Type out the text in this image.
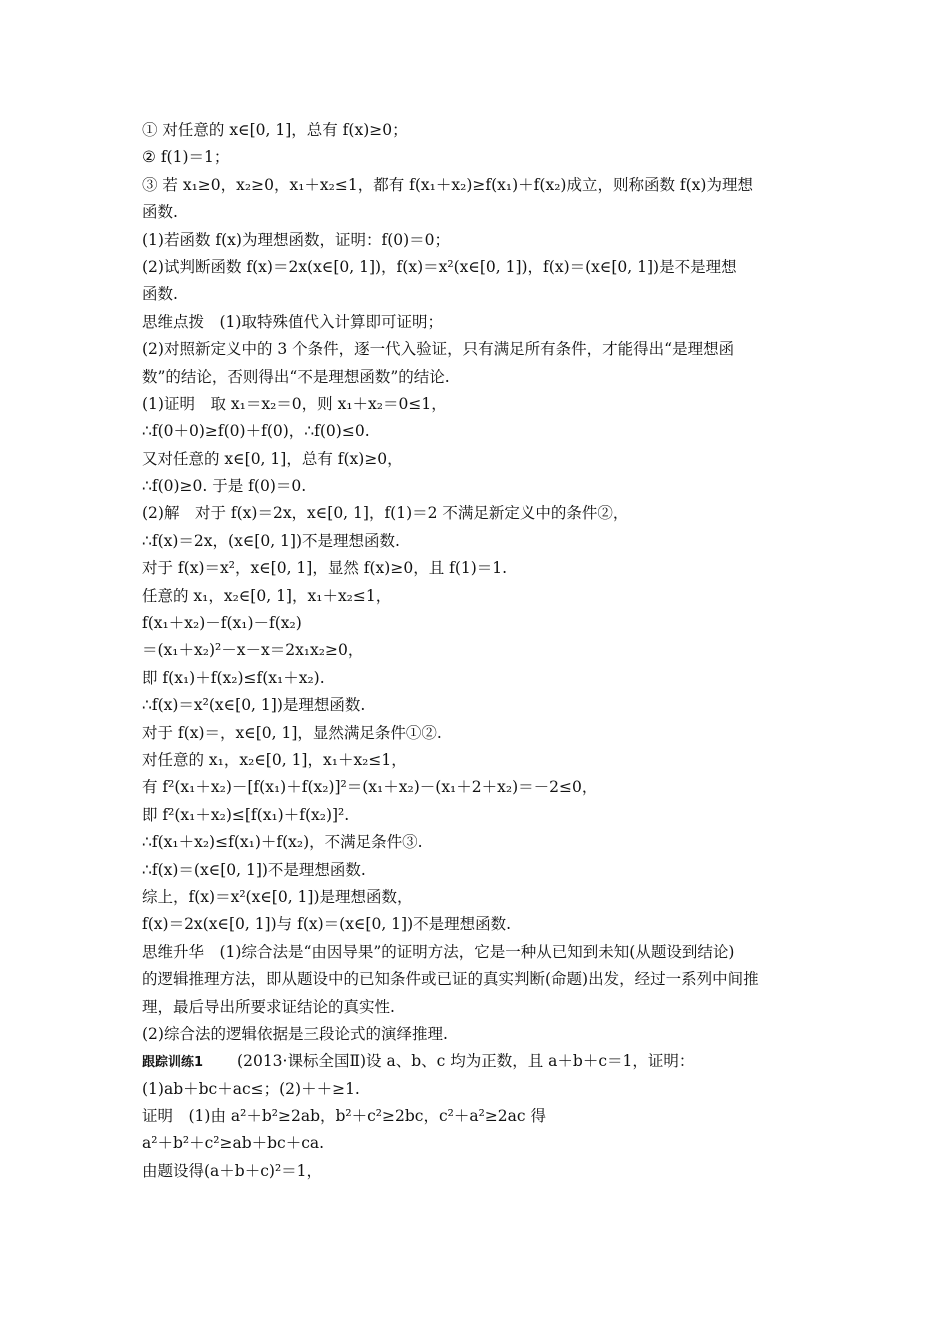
① 对任意的 x∈[0, 1]，总有 f(x)≥0；
② f(1)＝1；
③ 若 x₁≥0，x₂≥0，x₁＋x₂≤1，都有 f(x₁＋x₂)≥f(x₁)＋f(x₂)成立，则称函数 f(x)为理想
函数.
(1)若函数 f(x)为理想函数，证明：f(0)＝0；
(2)试判断函数 f(x)＝2x(x∈[0, 1])，f(x)＝x²(x∈[0, 1])，f(x)＝(x∈[0, 1])是不是理想
函数.
思维点拨　(1)取特殊值代入计算即可证明；
(2)对照新定义中的 3 个条件，逐一代入验证，只有满足所有条件，才能得出“是理想函
数”的结论，否则得出“不是理想函数”的结论.
(1)证明　取 x₁＝x₂＝0，则 x₁＋x₂＝0≤1，
∴f(0＋0)≥f(0)＋f(0)，∴f(0)≤0.
又对任意的 x∈[0, 1]，总有 f(x)≥0，
∴f(0)≥0. 于是 f(0)＝0.
(2)解　对于 f(x)＝2x，x∈[0, 1]，f(1)＝2 不满足新定义中的条件②，
∴f(x)＝2x，(x∈[0, 1])不是理想函数.
对于 f(x)＝x²，x∈[0, 1]，显然 f(x)≥0，且 f(1)＝1.
任意的 x₁，x₂∈[0, 1]，x₁＋x₂≤1，
f(x₁＋x₂)－f(x₁)－f(x₂)
＝(x₁＋x₂)²－x－x＝2x₁x₂≥0，
即 f(x₁)＋f(x₂)≤f(x₁＋x₂).
∴f(x)＝x²(x∈[0, 1])是理想函数.
对于 f(x)＝，x∈[0, 1]，显然满足条件①②.
对任意的 x₁，x₂∈[0, 1]，x₁＋x₂≤1，
有 f²(x₁＋x₂)－[f(x₁)＋f(x₂)]²＝(x₁＋x₂)－(x₁＋2＋x₂)＝－2≤0，
即 f²(x₁＋x₂)≤[f(x₁)＋f(x₂)]².
∴f(x₁＋x₂)≤f(x₁)＋f(x₂)，不满足条件③.
∴f(x)＝(x∈[0, 1])不是理想函数.
综上，f(x)＝x²(x∈[0, 1])是理想函数，
f(x)＝2x(x∈[0, 1])与 f(x)＝(x∈[0, 1])不是理想函数.
思维升华　(1)综合法是“由因导果”的证明方法，它是一种从已知到未知(从题设到结论)
的逻辑推理方法，即从题设中的已知条件或已证的真实判断(命题)出发，经过一系列中间推
理，最后导出所要求证结论的真实性.
(2)综合法的逻辑依据是三段论式的演绎推理.
跟踪训练1 (2013·课标全国Ⅱ)设 a、b、c 均为正数，且 a＋b＋c＝1，证明：
(1)ab＋bc＋ac≤；(2)＋＋≥1.
证明　(1)由 a²＋b²≥2ab，b²＋c²≥2bc，c²＋a²≥2ac 得
a²＋b²＋c²≥ab＋bc＋ca.
由题设得(a＋b＋c)²＝1，
